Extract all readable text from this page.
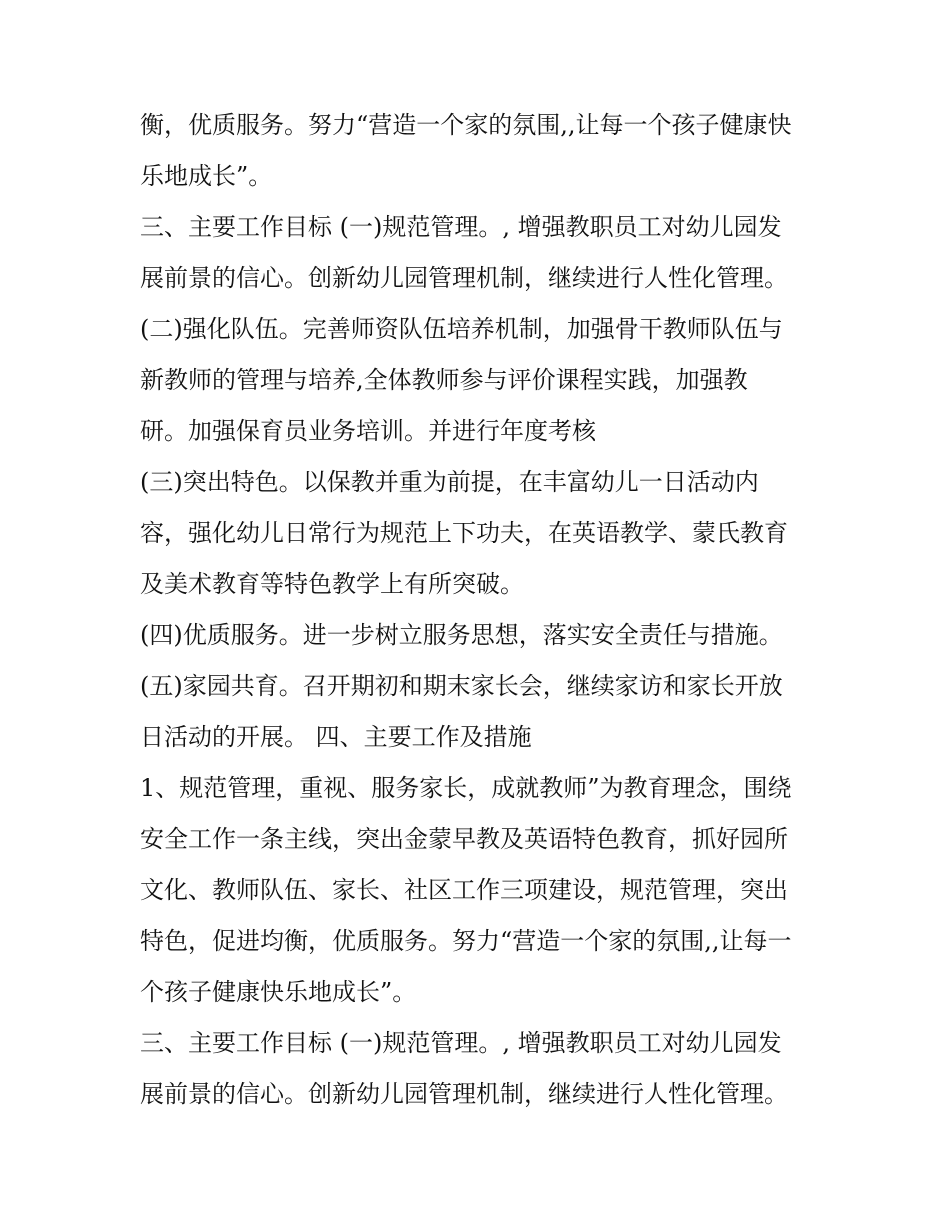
衡，优质服务。努力“营造一个家的氛围,,让每一个孩子健康快
乐地成长”。
三、主要工作目标 (一)规范管理。, 增强教职员工对幼儿园发
展前景的信心。创新幼儿园管理机制，继续进行人性化管理。
(二)强化队伍。完善师资队伍培养机制，加强骨干教师队伍与
新教师的管理与培养,全体教师参与评价课程实践，加强教
研。加强保育员业务培训。并进行年度考核
(三)突出特色。以保教并重为前提，在丰富幼儿一日活动内
容，强化幼儿日常行为规范上下功夫，在英语教学、蒙氏教育
及美术教育等特色教学上有所突破。
(四)优质服务。进一步树立服务思想，落实安全责任与措施。
(五)家园共育。召开期初和期末家长会，继续家访和家长开放
日活动的开展。 四、主要工作及措施
1、规范管理，重视、服务家长，成就教师”为教育理念，围绕
安全工作一条主线，突出金蒙早教及英语特色教育，抓好园所
文化、教师队伍、家长、社区工作三项建设，规范管理，突出
特色，促进均衡，优质服务。努力“营造一个家的氛围,,让每一
个孩子健康快乐地成长”。
三、主要工作目标 (一)规范管理。, 增强教职员工对幼儿园发
展前景的信心。创新幼儿园管理机制，继续进行人性化管理。
